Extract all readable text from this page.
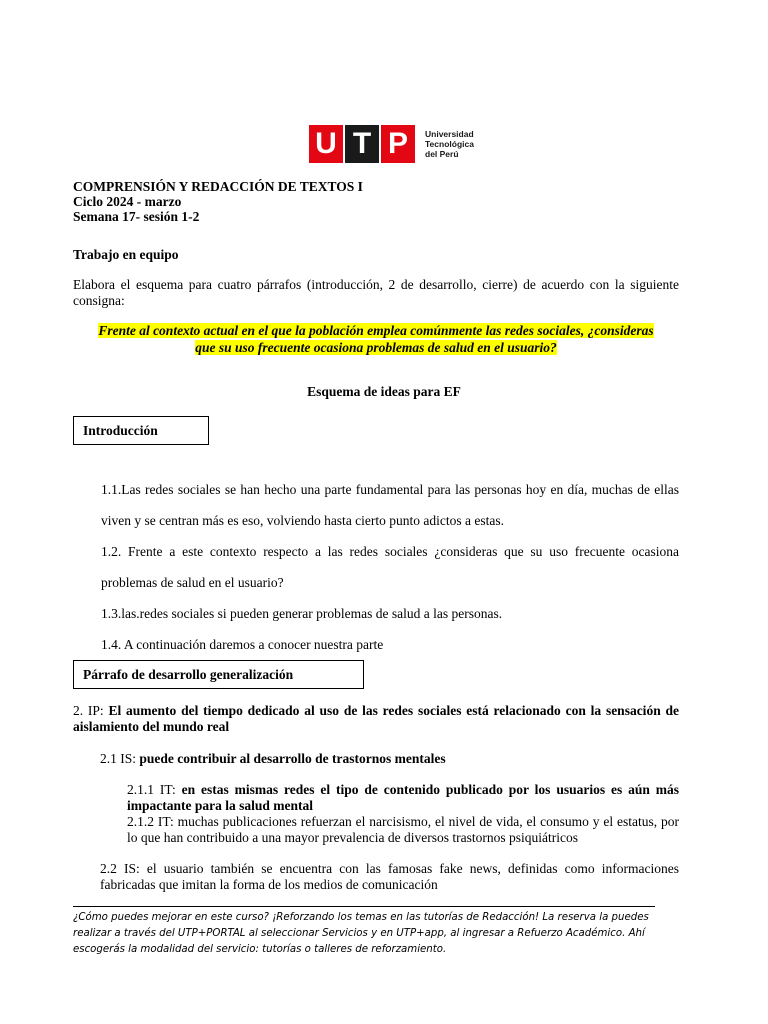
U T P	Universidad
Tecnológica
del Perú
COMPRENSIÓN Y REDACCIÓN DE TEXTOS I
Ciclo 2024 - marzo
Semana 17- sesión 1-2
Trabajo en equipo
Elabora el esquema para cuatro párrafos (introducción, 2 de desarrollo, cierre) de acuerdo con la siguiente consigna:
Frente al contexto actual en el que la población emplea comúnmente las redes sociales, ¿consideras
que su uso frecuente ocasiona problemas de salud en el usuario?
Esquema de ideas para EF
Introducción

1.1.Las redes sociales se han hecho una parte fundamental para las personas hoy en día, muchas de ellas viven y se centran más es eso, volviendo hasta cierto punto adictos a estas.

1.2. Frente a este contexto respecto a las redes sociales ¿consideras que su uso frecuente ocasiona problemas de salud en el usuario?

1.3.las.redes sociales si pueden generar problemas de salud a las personas.

1.4. A continuación daremos a conocer nuestra parte

Párrafo de desarrollo generalización

2. IP: El aumento del tiempo dedicado al uso de las redes sociales está relacionado con la sensación de aislamiento del mundo real

2.1 IS: puede contribuir al desarrollo de trastornos mentales

2.1.1 IT: en estas mismas redes el tipo de contenido publicado por los usuarios es aún más impactante para la salud mental

2.1.2 IT: muchas publicaciones refuerzan el narcisismo, el nivel de vida, el consumo y el estatus, por lo que han contribuido a una mayor prevalencia de diversos trastornos psiquiátricos

2.2 IS: el usuario también se encuentra con las famosas fake news, definidas como informaciones fabricadas que imitan la forma de los medios de comunicación

¿Cómo puedes mejorar en este curso? ¡Reforzando los temas en las tutorías de Redacción! La reserva la puedes realizar a través del UTP+PORTAL al seleccionar Servicios y en UTP+app, al ingresar a Refuerzo Académico. Ahí escogerás la modalidad del servicio: tutorías o talleres de reforzamiento.
